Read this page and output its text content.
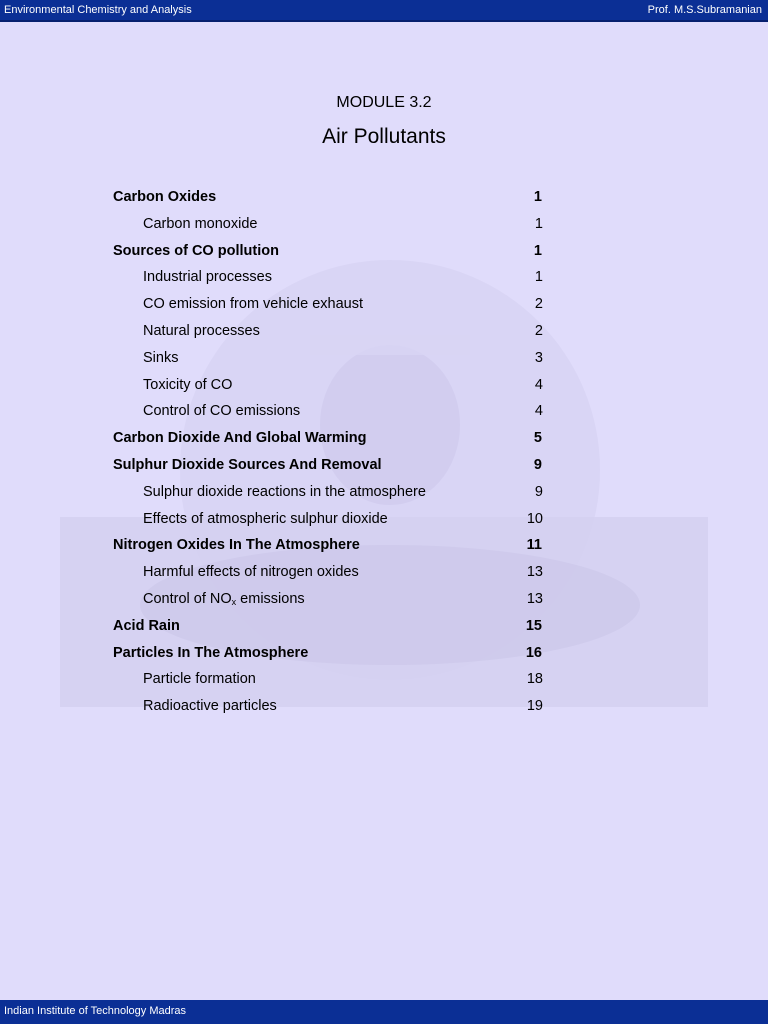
Environmental Chemistry and Analysis	Prof. M.S.Subramanian
MODULE 3.2
Air Pollutants
Carbon Oxides	1
Carbon monoxide	1
Sources of CO pollution	1
Industrial processes	1
CO emission from vehicle exhaust	2
Natural processes	2
Sinks	3
Toxicity of CO	4
Control of CO emissions	4
Carbon Dioxide And Global Warming	5
Sulphur Dioxide Sources And Removal	9
Sulphur dioxide reactions in the atmosphere	9
Effects of atmospheric sulphur dioxide	10
Nitrogen Oxides In The Atmosphere	11
Harmful effects of nitrogen oxides	13
Control of $NO_x$ emissions	13
Acid Rain	15
Particles In The Atmosphere	16
Particle formation	18
Radioactive particles	19
Indian Institute of Technology Madras
